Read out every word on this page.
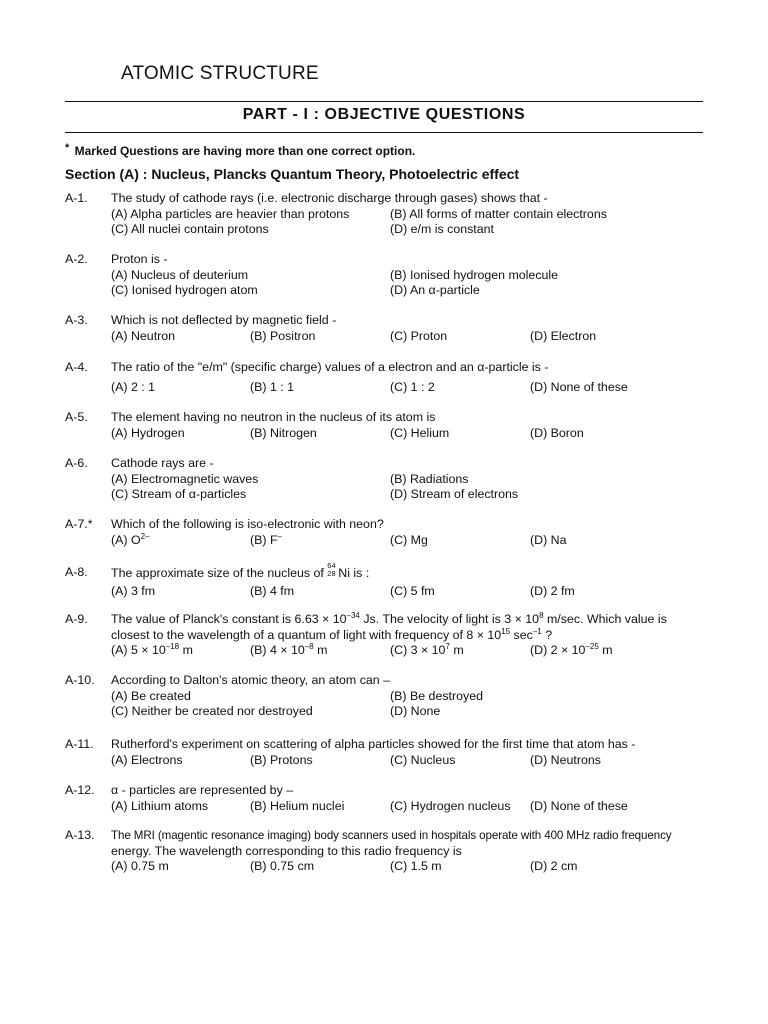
ATOMIC STRUCTURE
PART - I : OBJECTIVE QUESTIONS
* Marked Questions are having more than one correct option.
Section (A) : Nucleus, Plancks Quantum Theory, Photoelectric effect
A-1. The study of cathode rays (i.e. electronic discharge through gases) shows that -
(A) Alpha particles are heavier than protons	(B) All forms of matter contain electrons
(C) All nuclei contain protons	(D) e/m is constant
A-2. Proton is -
(A) Nucleus of deuterium	(B) Ionised hydrogen molecule
(C) Ionised hydrogen atom	(D) An α-particle
A-3. Which is not deflected by magnetic field -
(A) Neutron	(B) Positron	(C) Proton	(D) Electron
A-4. The ratio of the "e/m" (specific charge) values of a electron and an α-particle is -
(A) 2 : 1	(B) 1 : 1	(C) 1 : 2	(D) None of these
A-5. The element having no neutron in the nucleus of its atom is
(A) Hydrogen	(B) Nitrogen	(C) Helium	(D) Boron
A-6. Cathode rays are -
(A) Electromagnetic waves	(B) Radiations
(C) Stream of α-particles	(D) Stream of electrons
A-7.* Which of the following is iso-electronic with neon?
(A) $O^{2-}$	(B) F–	(C) Mg	(D) Na
A-8. The approximate size of the nucleus of
64
28 Ni is :
(A) 3 fm	(B) 4 fm	(C) 5 fm	(D) 2 fm
A-9. The value of Planck's constant is $6.63 \times 10^{-34}$ Js. The velocity of light is $3 \times 10^8$ m/sec. Which value is
closest to the wavelength of a quantum of light with frequency of $8 \times 10^{15}$ $\sec^{-1}$ ?
(A) $5 \times 10^{-18}$ m	(B) $4 \times 10^{-8}$ m	(C) $3 \times 10^7$ m	(D) $2 \times 10^{-25}$ m
A-10. According to Dalton's atomic theory, an atom can –
(A) Be created	(B) Be destroyed
(C) Neither be created nor destroyed	(D) None
A-11. Rutherford's experiment on scattering of alpha particles showed for the first time that atom has -
(A) Electrons	(B) Protons	(C) Nucleus	(D) Neutrons
A-12. α - particles are represented by –
(A) Lithium atoms	(B) Helium nuclei	(C) Hydrogen nucleus (D) None of these
A-13. The MRI (magentic resonance imaging) body scanners used in hospitals operate with 400 MHz radio frequency
energy. The wavelength corresponding to this radio frequency is
(A) 0.75 m	(B) 0.75 cm	(C) 1.5 m	(D) 2 cm
